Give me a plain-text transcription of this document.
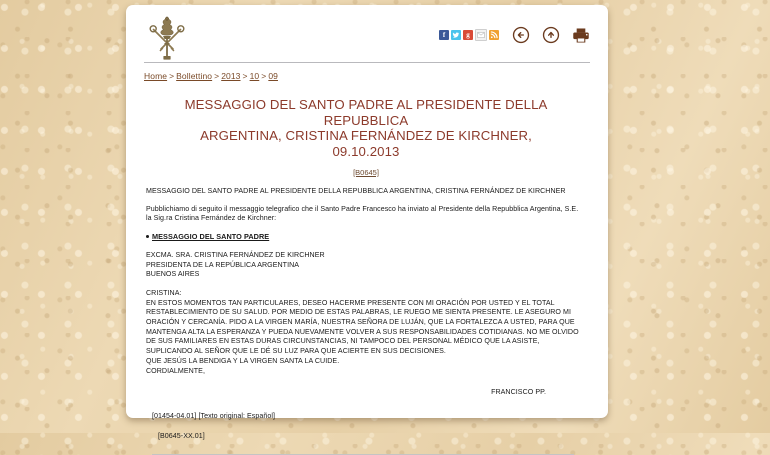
f	g
Home > Bollettino > 2013 > 10 > 09
MESSAGGIO DEL SANTO PADRE AL PRESIDENTE DELLA REPUBBLICA
ARGENTINA, CRISTINA FERNÁNDEZ DE KIRCHNER, 09.10.2013
[B0645]

MESSAGGIO DEL SANTO PADRE AL PRESIDENTE DELLA REPUBBLICA ARGENTINA, CRISTINA FERNÁNDEZ DE KIRCHNER

Pubblichiamo di seguito il messaggio telegrafico che il Santo Padre Francesco ha inviato al Presidente della Repubblica Argentina, S.E. la Sig.ra Cristina Fernández de Kirchner:

MESSAGGIO DEL SANTO PADRE
EXCMA. SRA. CRISTINA FERNÁNDEZ DE KIRCHNER
PRESIDENTA DE LA REPÚBLICA ARGENTINA
BUENOS AIRES
CRISTINA:
EN ESTOS MOMENTOS TAN PARTICULARES, DESEO HACERME PRESENTE CON MI ORACIÓN POR USTED Y EL TOTAL RESTABLECIMIENTO DE SU SALUD. POR MEDIO DE ESTAS PALABRAS, LE RUEGO ME SIENTA PRESENTE. LE ASEGURO MI ORACIÓN Y CERCANÍA. PIDO A LA VIRGEN MARÍA, NUESTRA SEÑORA DE LUJÁN, QUE LA FORTALEZCA A USTED, PARA QUE MANTENGA ALTA LA ESPERANZA Y PUEDA NUEVAMENTE VOLVER A SUS RESPONSABILIDADES COTIDIANAS. NO ME OLVIDO DE SUS FAMILIARES EN ESTAS DURAS CIRCUNSTANCIAS, NI TAMPOCO DEL PERSONAL MÉDICO QUE LA ASISTE, SUPLICANDO AL SEÑOR QUE LE DÉ SU LUZ PARA QUE ACIERTE EN SUS DECISIONES.
QUE JESÚS LA BENDIGA Y LA VIRGEN SANTA LA CUIDE.
CORDIALMENTE,
FRANCISCO PP.
[01454-04.01] [Texto original: Español]
[B0645-XX.01]
